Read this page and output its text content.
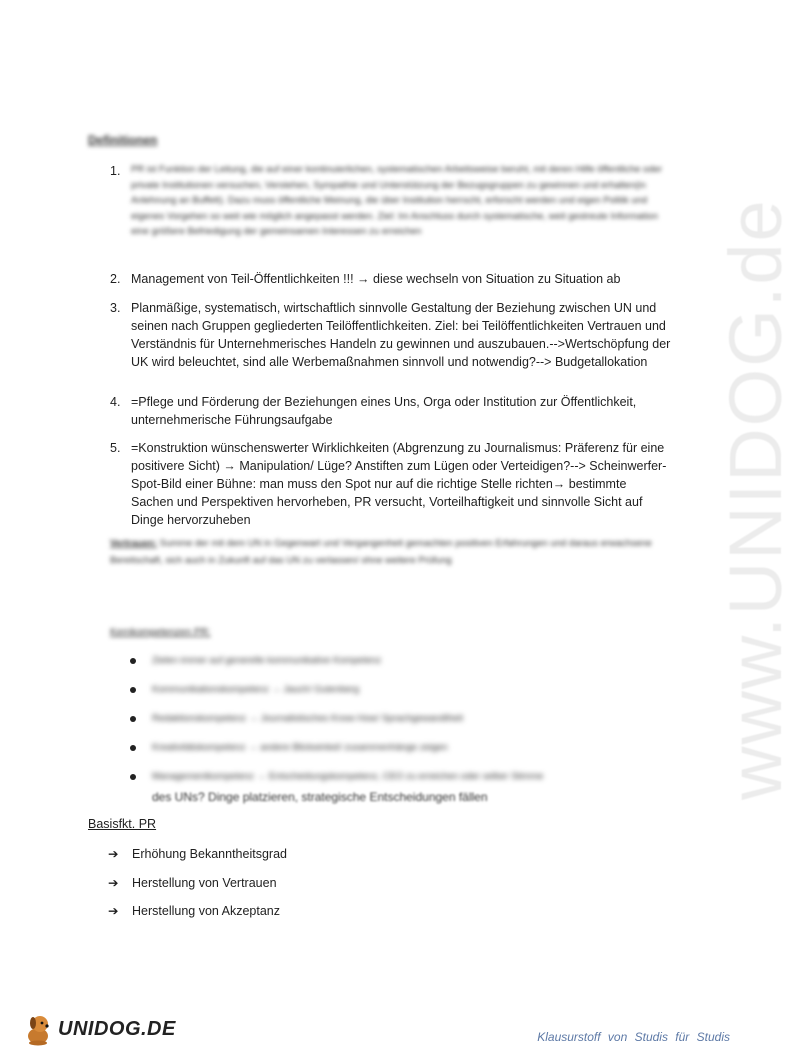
www.UNIDOG.de
Definitionen
1.	PR ist Funktion der Leitung, die auf einer kontinuierlichen, systematischen Arbeitsweise beruht, mit deren Hilfe öffentliche oder private Institutionen versuchen, Verstehen, Sympathie und Unterstützung der Bezugsgruppen zu gewinnen und erhalten(in Anlehnung an Buffett). Dazu muss öffentliche Meinung, die über Institution herrscht, erforscht werden und eigen Politik und eigenes Vorgehen so weit wie möglich angepasst werden. Ziel: Im Anschluss durch systematische, weit gestreute Information eine größere Befriedigung der gemeinsamen Interessen zu erreichen
2. Management von Teil-Öffentlichkeiten !!! → diese wechseln von Situation zu Situation ab
3. Planmäßige, systematisch, wirtschaftlich sinnvolle Gestaltung der Beziehung zwischen UN und seinen nach Gruppen gegliederten Teilöffentlichkeiten. Ziel: bei Teilöffentlichkeiten Vertrauen und Verständnis für Unternehmerisches Handeln zu gewinnen und auszubauen.-->Wertschöpfung der UK wird beleuchtet, sind alle Werbemaßnahmen sinnvoll und notwendig?--> Budgetallokation
4. =Pflege und Förderung der Beziehungen eines Uns, Orga oder Institution zur Öffentlichkeit, unternehmerische Führungsaufgabe
5. =Konstruktion wünschenswerter Wirklichkeiten (Abgrenzung zu Journalismus: Präferenz für eine positivere Sicht) → Manipulation/ Lüge? Anstiften zum Lügen oder Verteidigen?--> Scheinwerfer-Spot-Bild einer Bühne: man muss den Spot nur auf die richtige Stelle richten→ bestimmte Sachen und Perspektiven hervorheben, PR versucht, Vorteilhaftigkeit und sinnvolle Sicht auf Dinge hervorzuheben
Vertrauen: Summe der mit dem UN in Gegenwart und Vergangenheit gemachten positiven Erfahrungen und daraus erwachsene Bereitschaft, sich auch in Zukunft auf das UN zu verlassen/ ohne weitere Prüfung
Kernkompetenzen PR:
Zielen immer auf generelle kommunikative Kompetenz
Kommunikationskompetenz → Jauch/ Gutenberg
Redaktionskompetenz → Journalistisches Know How/ Sprachgewandtheit
Kreativitätskompetenz → andere Blickwinkel/ zusammenhänge zeigen
Managementkompetenz → Entscheidungskompetenz, CEO zu erreichen oder selber Stimme
des UNs? Dinge platzieren, strategische Entscheidungen fällen
Basisfkt. PR
➔ Erhöhung Bekanntheitsgrad
➔ Herstellung von Vertrauen
➔ Herstellung von Akzeptanz
UNIDOG.DE	Klausurstoff von Studis für Studis
